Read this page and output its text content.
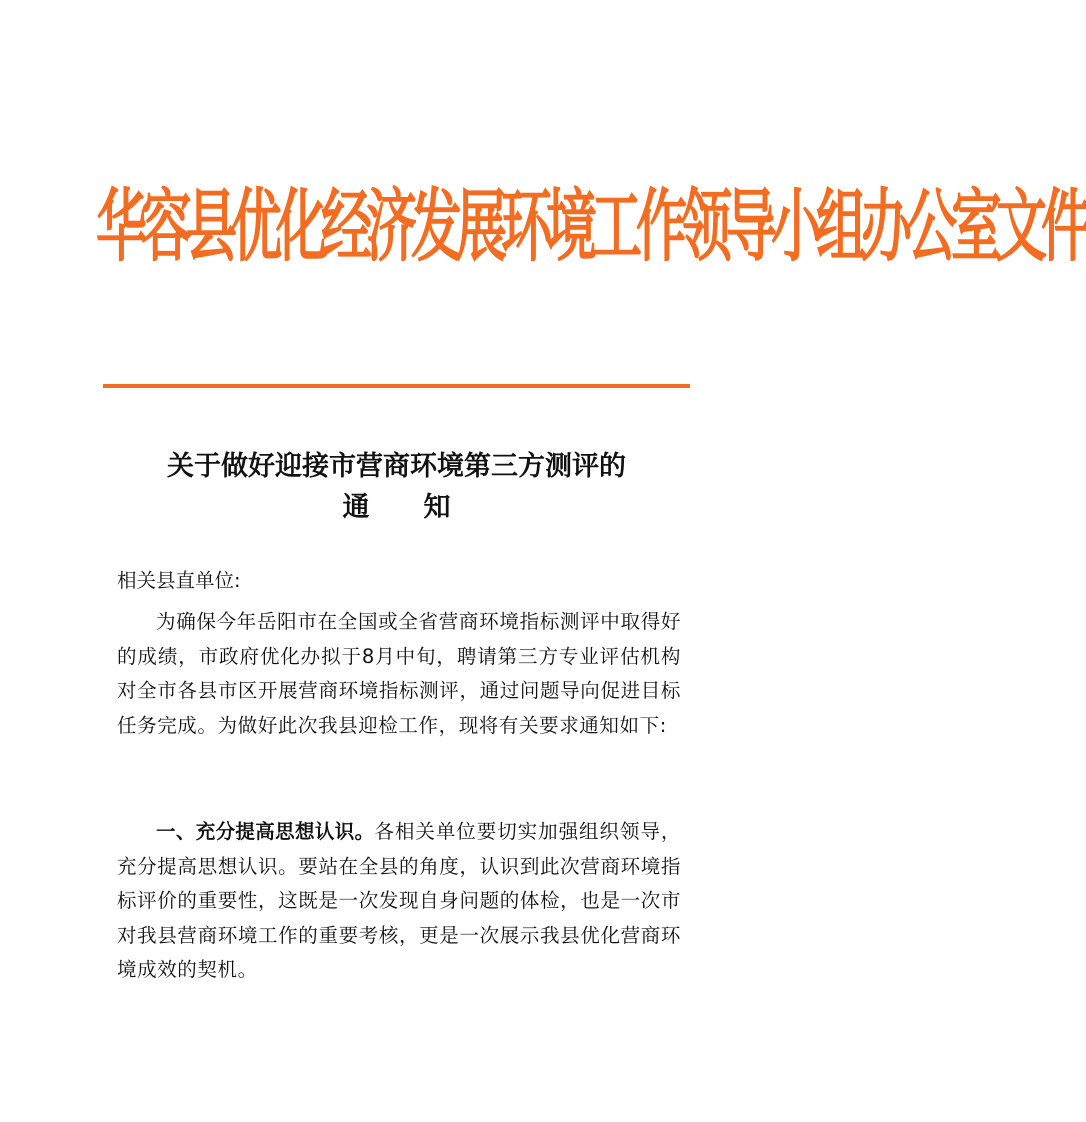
华容县优化经济发展环境工作领导小组办公室文件
关于做好迎接市营商环境第三方测评的
通 知
相关县直单位:
为确保今年岳阳市在全国或全省营商环境指标测评中取得好的成绩，市政府优化办拟于8月中旬，聘请第三方专业评估机构对全市各县市区开展营商环境指标测评，通过问题导向促进目标任务完成。为做好此次我县迎检工作，现将有关要求通知如下:
一、充分提高思想认识。各相关单位要切实加强组织领导，充分提高思想认识。要站在全县的角度，认识到此次营商环境指标评价的重要性，这既是一次发现自身问题的体检，也是一次市对我县营商环境工作的重要考核，更是一次展示我县优化营商环境成效的契机。
